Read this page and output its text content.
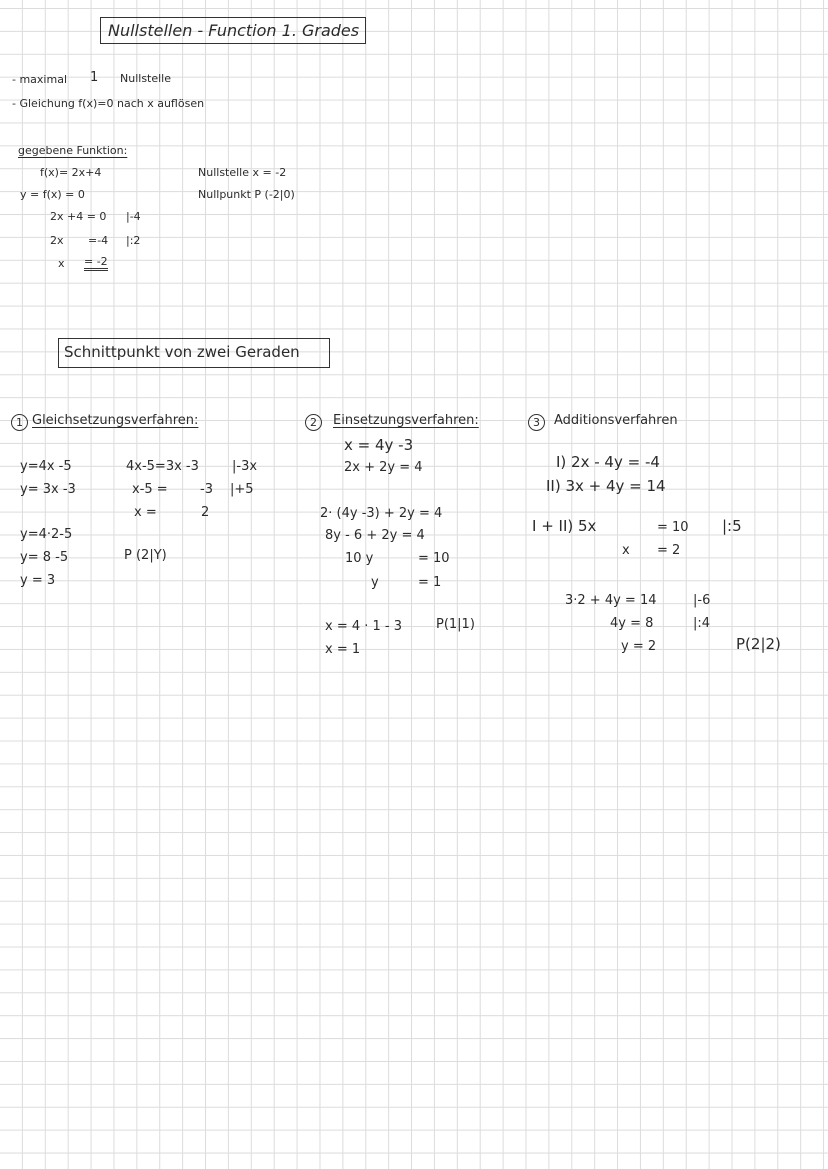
Nullstellen - Function 1. Grades
- maximal 1 Nullstelle
- Gleichung f(x)=0 nach x auflösen
gegebene Funktion:
f(x)= 2x+4
y = f(x) = 0
2x +4 = 0
2x =-4
x = -2
|-4
|:2
Nullstelle x = -2
Nullpunkt P (-2|0)
Schnittpunkt von zwei Geraden
1 Gleichsetzungsverfahren:
y=4x -5
y= 3x -3
y=4·2-5
y= 8 -5
y = 3
4x-5=3x -3	|-3x
x-5 = -3 |+5
x =	2
P (2|Y)
2	Einsetzungsverfahren:
x = 4y -3
2x + 2y = 4
2· (4y -3) + 2y = 4
8y - 6 + 2y = 4
10 y	= 10
y	= 1
x = 4 · 1 - 3
x = 1
P(1|1)
3	Additionsverfahren
I) 2x - 4y = -4
II) 3x + 4y = 14
I + II) 5x	= 10 |:5
x = 2
3·2 + 4y = 14	|-6
4y = 8	|:4
y = 2	P(2|2)
